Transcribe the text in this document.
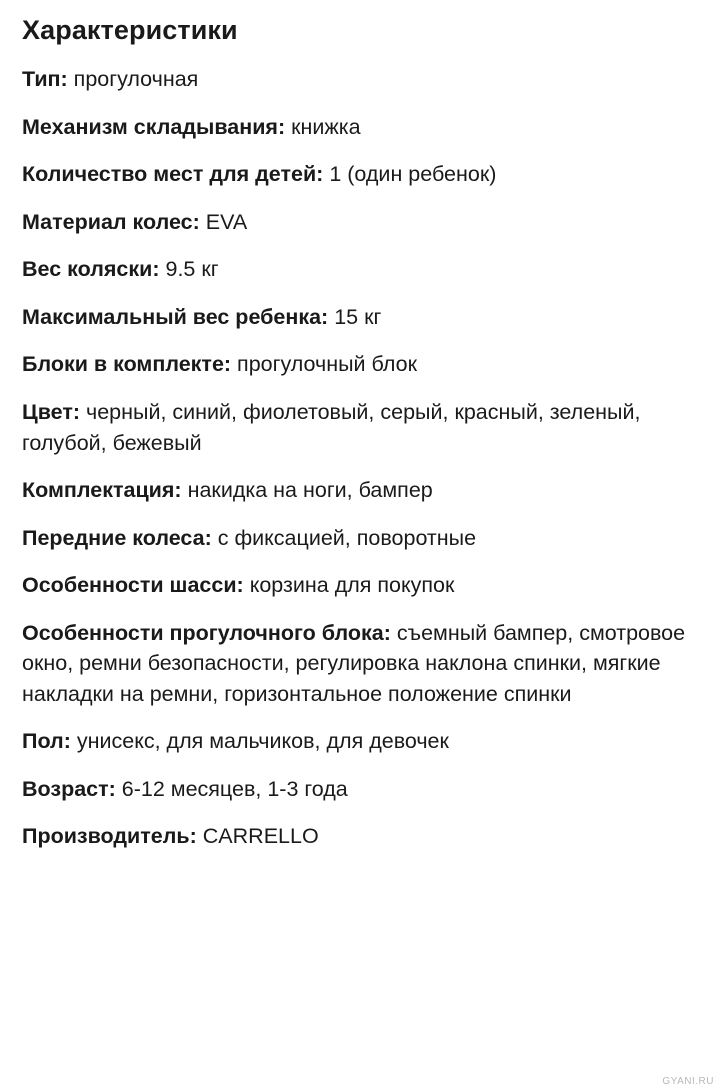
Характеристики

Тип: прогулочная

Механизм складывания: книжка

Количество мест для детей: 1 (один ребенок)

Материал колес: EVA

Вес коляски: 9.5 кг

Максимальный вес ребенка: 15 кг

Блоки в комплекте: прогулочный блок

Цвет: черный, синий, фиолетовый, серый, красный, зеленый, голубой, бежевый

Комплектация: накидка на ноги, бампер

Передние колеса: с фиксацией, поворотные

Особенности шасси: корзина для покупок

Особенности прогулочного блока: съемный бампер, смотровое окно, ремни безопасности, регулировка наклона спинки, мягкие накладки на ремни, горизонтальное положение спинки

Пол: унисекс, для мальчиков, для девочек

Возраст: 6-12 месяцев, 1-3 года

Производитель: CARRELLO

GYANI.RU
